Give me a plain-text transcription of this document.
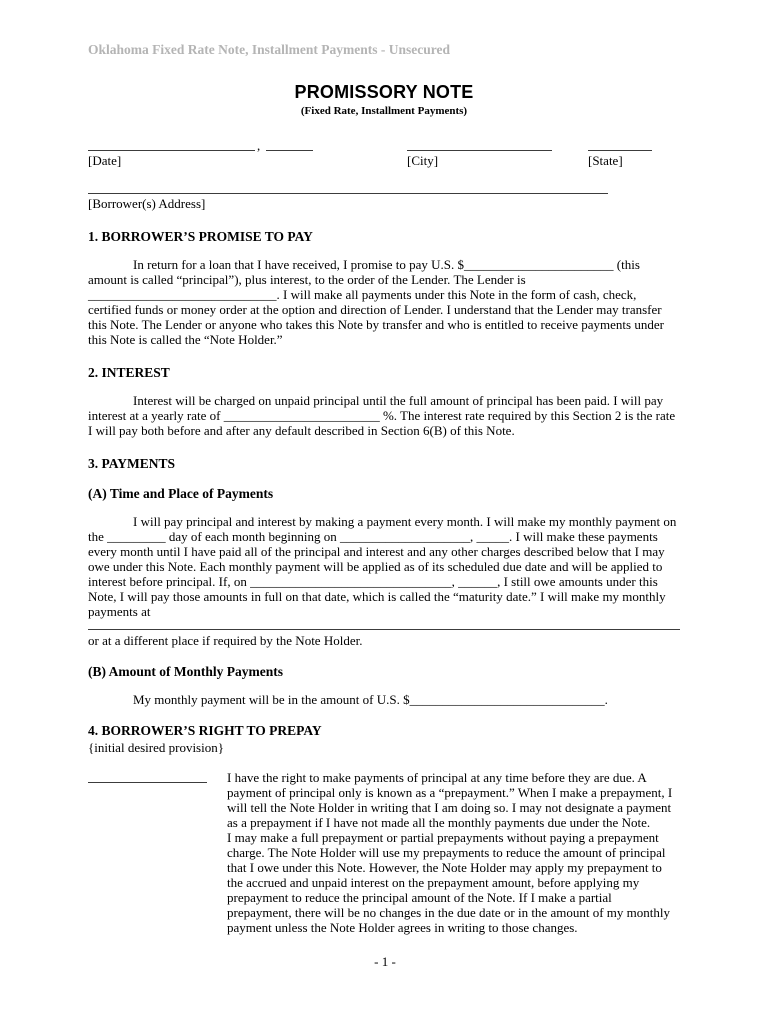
Oklahoma Fixed Rate Note, Installment Payments - Unsecured
PROMISSORY NOTE
(Fixed Rate, Installment Payments)
,
[Date]	[City]	[State]
[Borrower(s) Address]
1. BORROWER’S PROMISE TO PAY
In return for a loan that I have received, I promise to pay U.S. $_______________________ (this amount is called “principal”), plus interest, to the order of the Lender. The Lender is _____________________________. I will make all payments under this Note in the form of cash, check, certified funds or money order at the option and direction of Lender. I understand that the Lender may transfer this Note. The Lender or anyone who takes this Note by transfer and who is entitled to receive payments under this Note is called the “Note Holder.”
2. INTEREST
Interest will be charged on unpaid principal until the full amount of principal has been paid. I will pay interest at a yearly rate of ________________________ %. The interest rate required by this Section 2 is the rate I will pay both before and after any default described in Section 6(B) of this Note.
3. PAYMENTS
(A) Time and Place of Payments
I will pay principal and interest by making a payment every month. I will make my monthly payment on the _________ day of each month beginning on ____________________, _____. I will make these payments every month until I have paid all of the principal and interest and any other charges described below that I may owe under this Note. Each monthly payment will be applied as of its scheduled due date and will be applied to interest before principal. If, on _______________________________, ______, I still owe amounts under this Note, I will pay those amounts in full on that date, which is called the “maturity date.” I will make my monthly payments at
or at a different place if required by the Note Holder.
(B) Amount of Monthly Payments
My monthly payment will be in the amount of U.S. $______________________________.
4. BORROWER’S RIGHT TO PREPAY
{initial desired provision}

I have the right to make payments of principal at any time before they are due. A payment of principal only is known as a “prepayment.” When I make a prepayment, I will tell the Note Holder in writing that I am doing so. I may not designate a payment as a prepayment if I have not made all the monthly payments due under the Note.

I may make a full prepayment or partial prepayments without paying a prepayment charge. The Note Holder will use my prepayments to reduce the amount of principal that I owe under this Note. However, the Note Holder may apply my prepayment to the accrued and unpaid interest on the prepayment amount, before applying my prepayment to reduce the principal amount of the Note. If I make a partial prepayment, there will be no changes in the due date or in the amount of my monthly payment unless the Note Holder agrees in writing to those changes.

- 1 -
